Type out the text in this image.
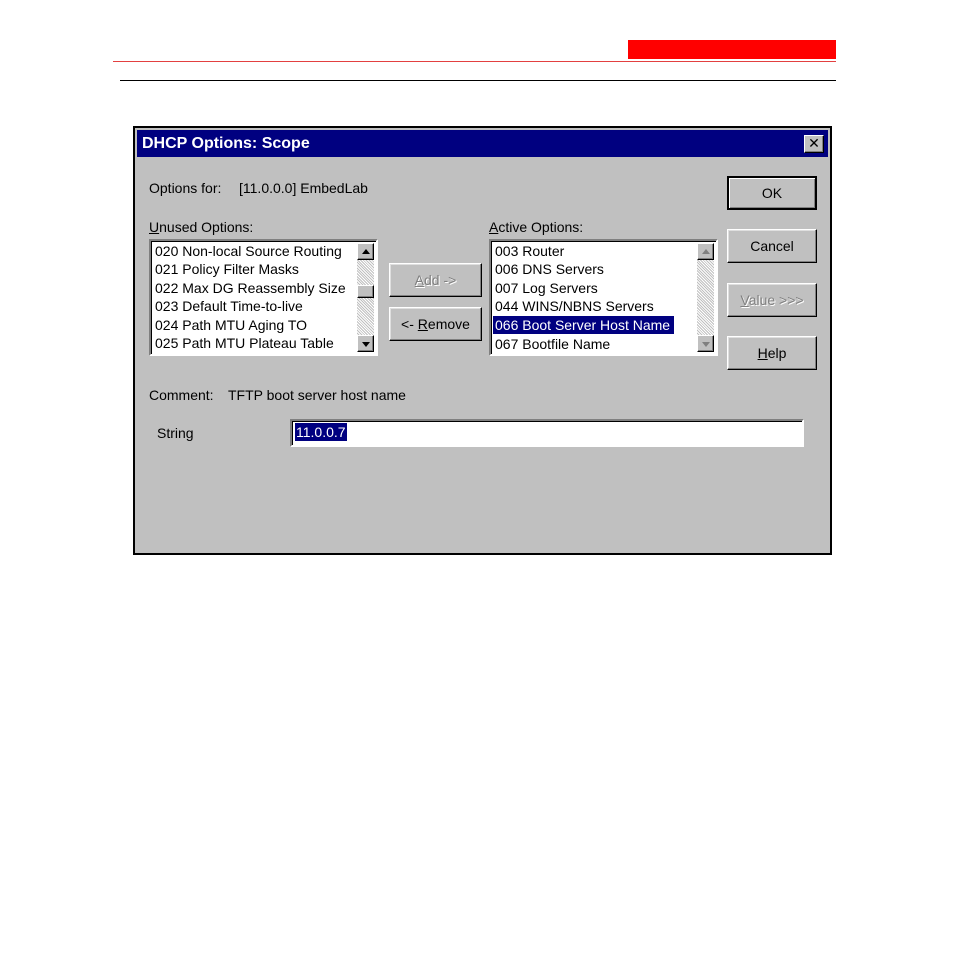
DHCP Options: Scope	✕
Options for: [11.0.0.0] EmbedLab
Unused Options:
020 Non-local Source Routing
021 Policy Filter Masks
022 Max DG Reassembly Size
023 Default Time-to-live
024 Path MTU Aging TO
025 Path MTU Plateau Table
Add ->
<- Remove
Active Options:
003 Router
006 DNS Servers
007 Log Servers
044 WINS/NBNS Servers
066 Boot Server Host Name
067 Bootfile Name
OK
Cancel
Value >>>
Help
Comment: TFTP boot server host name
String	11.0.0.7
